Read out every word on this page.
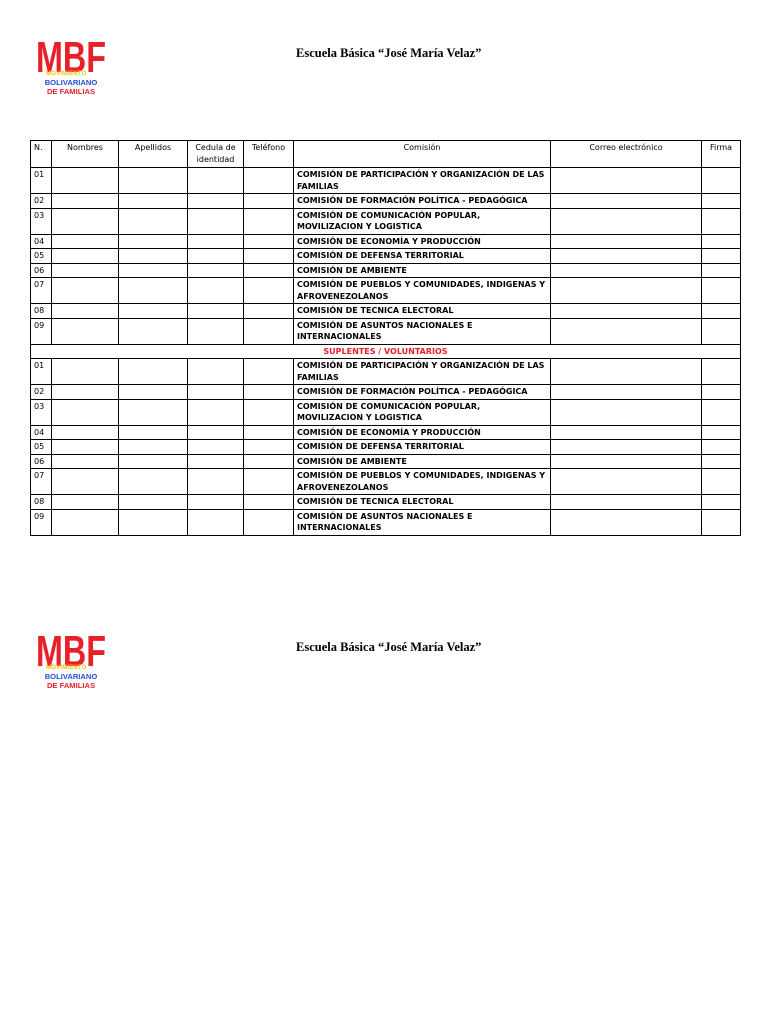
MBF
MOVIMIENTO
BOLIVARIANO
DE FAMILIAS
Escuela Básica “José María Velaz”
N.	Nombres	Apellidos	Cedula de identidad	Teléfono	Comisión	Correo electrónico	Firma
01					COMISIÓN DE PARTICIPACIÓN Y ORGANIZACIÓN DE LAS FAMILIAS		
02					COMISIÓN DE FORMACIÓN POLÍTICA - PEDAGÓGICA		
03					COMISIÓN DE COMUNICACIÓN POPULAR, MOVILIZACION Y LOGISTICA		
04					COMISIÓN DE ECONOMÍA Y PRODUCCIÓN		
05					COMISIÓN DE DEFENSA TERRITORIAL		
06					COMISIÓN DE AMBIENTE		
07					COMISIÓN DE PUEBLOS Y COMUNIDADES, INDIGENAS Y AFROVENEZOLANOS		
08					COMISIÓN DE TECNICA ELECTORAL		
09					COMISIÓN DE ASUNTOS NACIONALES E INTERNACIONALES		
SUPLENTES / VOLUNTARIOS							
01					COMISIÓN DE PARTICIPACIÓN Y ORGANIZACIÓN DE LAS FAMILIAS		
02					COMISIÓN DE FORMACIÓN POLÍTICA - PEDAGÓGICA		
03					COMISIÓN DE COMUNICACIÓN POPULAR, MOVILIZACION Y LOGISTICA		
04					COMISIÓN DE ECONOMÍA Y PRODUCCIÓN		
05					COMISIÓN DE DEFENSA TERRITORIAL		
06					COMISIÓN DE AMBIENTE		
07					COMISIÓN DE PUEBLOS Y COMUNIDADES, INDIGENAS Y AFROVENEZOLANOS		
08					COMISIÓN DE TECNICA ELECTORAL		
09					COMISIÓN DE ASUNTOS NACIONALES E INTERNACIONALES		
MBF
MOVIMIENTO
BOLIVARIANO
DE FAMILIAS
Escuela Básica “José María Velaz”
